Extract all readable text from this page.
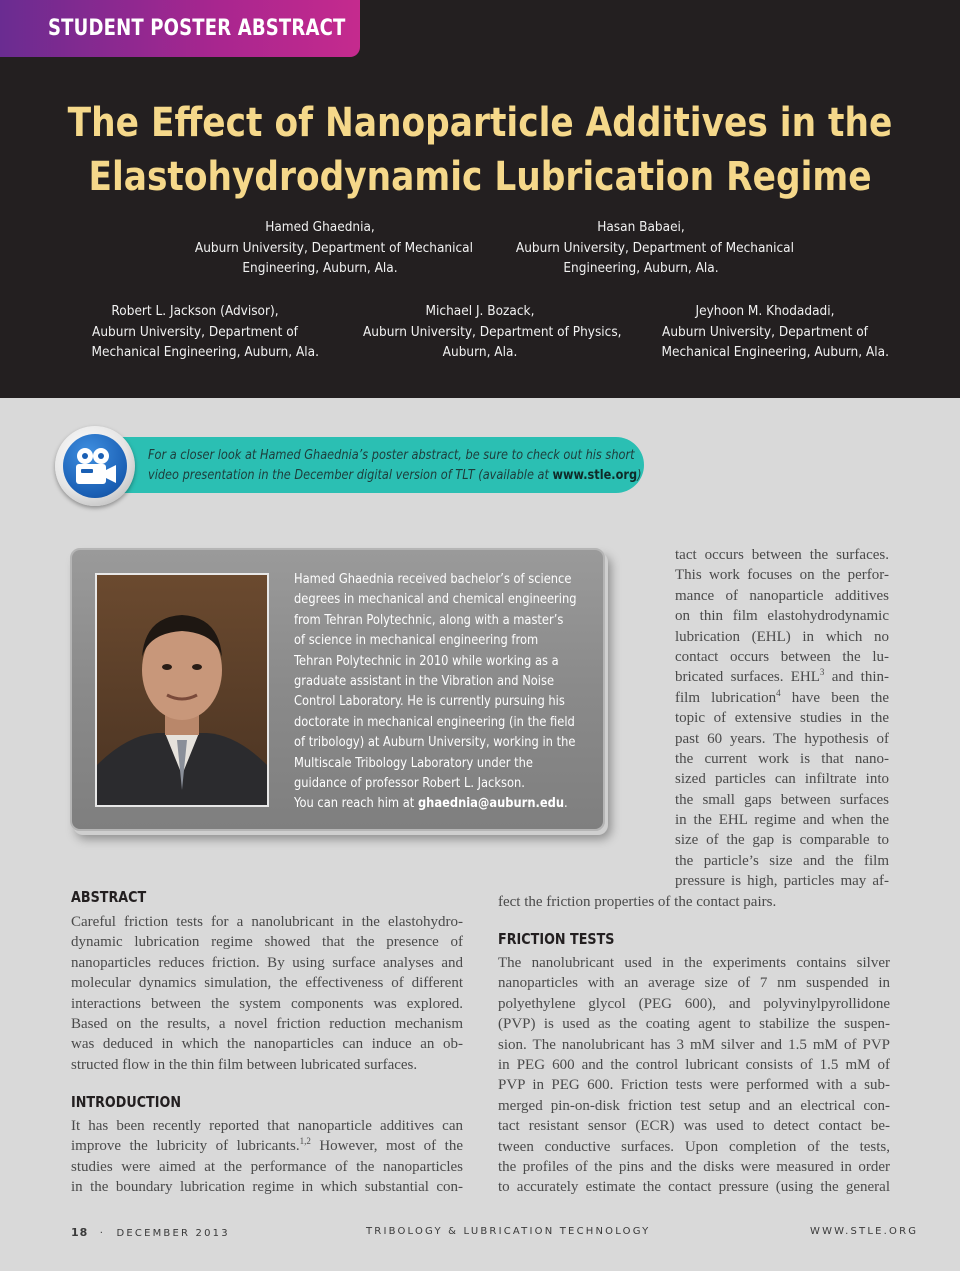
STUDENT POSTER ABSTRACT
The Effect of Nanoparticle Additives in the
Elastohydrodynamic Lubrication Regime
Hamed Ghaednia,
Auburn University, Department of Mechanical
Engineering, Auburn, Ala.
Hasan Babaei,
Auburn University, Department of Mechanical
Engineering, Auburn, Ala.
Robert L. Jackson (Advisor),
Auburn University, Department of
Mechanical Engineering, Auburn, Ala.
Michael J. Bozack,
Auburn University, Department of Physics,
Auburn, Ala.
Jeyhoon M. Khodadadi,
Auburn University, Department of
Mechanical Engineering, Auburn, Ala.
For a closer look at Hamed Ghaednia’s poster abstract, be sure to check out his short
video presentation in the December digital version of TLT (available at www.stle.org)
Hamed Ghaednia received bachelor’s of science
degrees in mechanical and chemical engineering
from Tehran Polytechnic, along with a master’s
of science in mechanical engineering from
Tehran Polytechnic in 2010 while working as a
graduate assistant in the Vibration and Noise
Control Laboratory. He is currently pursuing his
doctorate in mechanical engineering (in the field
of tribology) at Auburn University, working in the
Multiscale Tribology Laboratory under the
guidance of professor Robert L. Jackson.
You can reach him at ghaednia@auburn.edu.
tact occurs between the surfaces.
This work focuses on the perfor-
mance of nanoparticle additives
on thin film elastohydrodynamic
lubrication (EHL) in which no
contact occurs between the lu-
bricated surfaces. EHL$^3$ and thin-
film lubrication$^4$ have been the
topic of extensive studies in the
past 60 years. The hypothesis of
the current work is that nano-
sized particles can infiltrate into
the small gaps between surfaces
in the EHL regime and when the
size of the gap is comparable to
the particle’s size and the film
pressure is high, particles may af-
fect the friction properties of the contact pairs.
ABSTRACT
Careful friction tests for a nanolubricant in the elastohydro-
dynamic lubrication regime showed that the presence of
nanoparticles reduces friction. By using surface analyses and
molecular dynamics simulation, the effectiveness of different
interactions between the system components was explored.
Based on the results, a novel friction reduction mechanism
was deduced in which the nanoparticles can induce an ob-
structed flow in the thin film between lubricated surfaces.
INTRODUCTION
It has been recently reported that nanoparticle additives can
improve the lubricity of lubricants.$^{1,2}$ However, most of the
studies were aimed at the performance of the nanoparticles
in the boundary lubrication regime in which substantial con-
FRICTION TESTS
The nanolubricant used in the experiments contains silver
nanoparticles with an average size of 7 nm suspended in
polyethylene glycol (PEG 600), and polyvinylpyrollidone
(PVP) is used as the coating agent to stabilize the suspen-
sion. The nanolubricant has 3 mM silver and 1.5 mM of PVP
in PEG 600 and the control lubricant consists of 1.5 mM of
PVP in PEG 600. Friction tests were performed with a sub-
merged pin-on-disk friction test setup and an electrical con-
tact resistant sensor (ECR) was used to detect contact be-
tween conductive surfaces. Upon completion of the tests,
the profiles of the pins and the disks were measured in order
to accurately estimate the contact pressure (using the general
18 · DECEMBER 2013	TRIBOLOGY & LUBRICATION TECHNOLOGY	WWW.STLE.ORG
